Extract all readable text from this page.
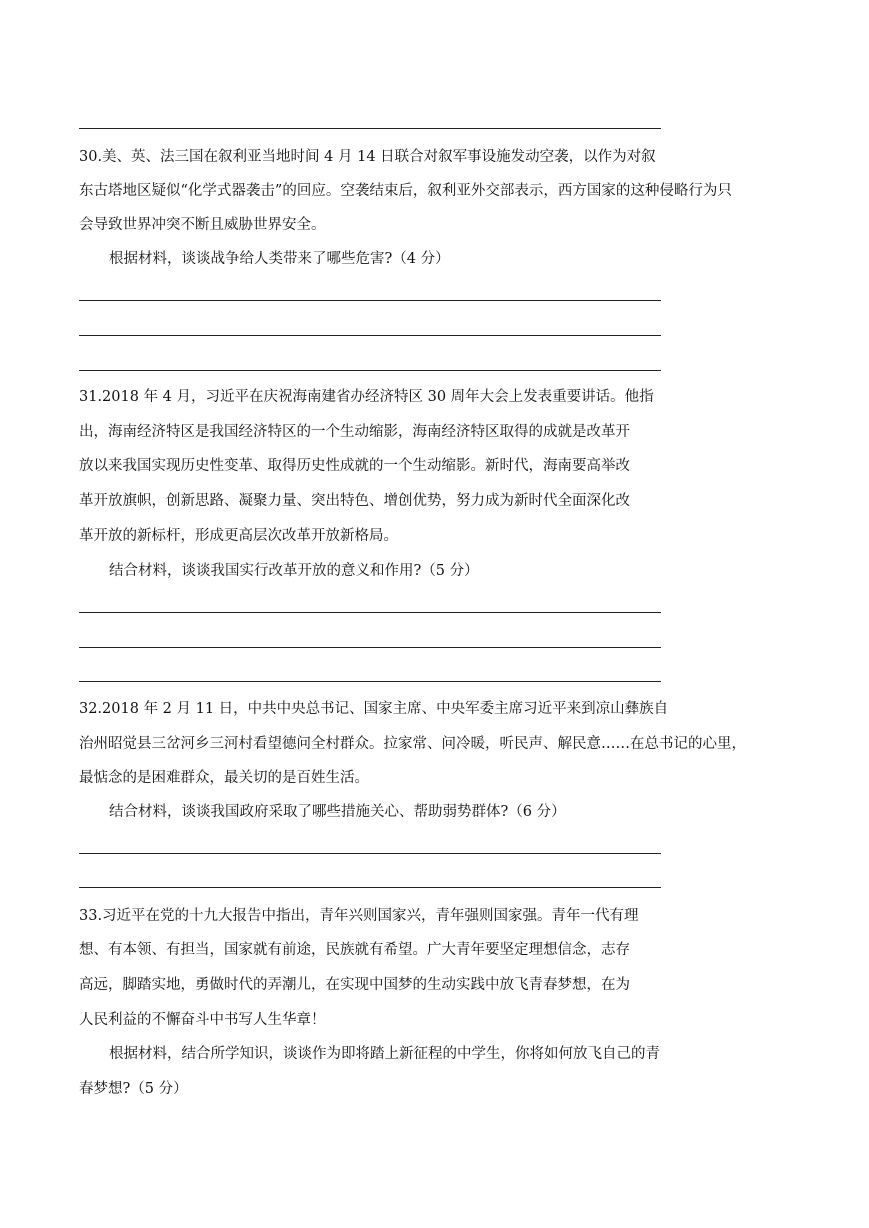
30.美、英、法三国在叙利亚当地时间 4 月 14 日联合对叙军事设施发动空袭，以作为对叙
东古塔地区疑似“化学式器袭击”的回应。空袭结束后，叙利亚外交部表示，西方国家的这种侵略行为只
会导致世界冲突不断且威胁世界安全。
根据材料，谈谈战争给人类带来了哪些危害?（4 分）
31.2018 年 4 月，习近平在庆祝海南建省办经济特区 30 周年大会上发表重要讲话。他指
出，海南经济特区是我国经济特区的一个生动缩影，海南经济特区取得的成就是改革开
放以来我国实现历史性变革、取得历史性成就的一个生动缩影。新时代，海南要高举改
革开放旗帜，创新思路、凝聚力量、突出特色、增创优势，努力成为新时代全面深化改
革开放的新标杆，形成更高层次改革开放新格局。
结合材料，谈谈我国实行改革开放的意义和作用?（5 分）
32.2018 年 2 月 11 日，中共中央总书记、国家主席、中央军委主席习近平来到凉山彝族自
治州昭觉县三岔河乡三河村看望德问全村群众。拉家常、问冷暖，听民声、解民意……在总书记的心里，
最惦念的是困难群众，最关切的是百姓生活。
结合材料，谈谈我国政府采取了哪些措施关心、帮助弱势群体?（6 分）
33.习近平在党的十九大报告中指出，青年兴则国家兴，青年强则国家强。青年一代有理
想、有本领、有担当，国家就有前途，民族就有希望。广大青年要坚定理想信念，志存
高远，脚踏实地，勇做时代的弄潮儿，在实现中国梦的生动实践中放飞青春梦想，在为
人民利益的不懈奋斗中书写人生华章！
根据材料，结合所学知识，谈谈作为即将踏上新征程的中学生，你将如何放飞自己的青
春梦想?（5 分）
